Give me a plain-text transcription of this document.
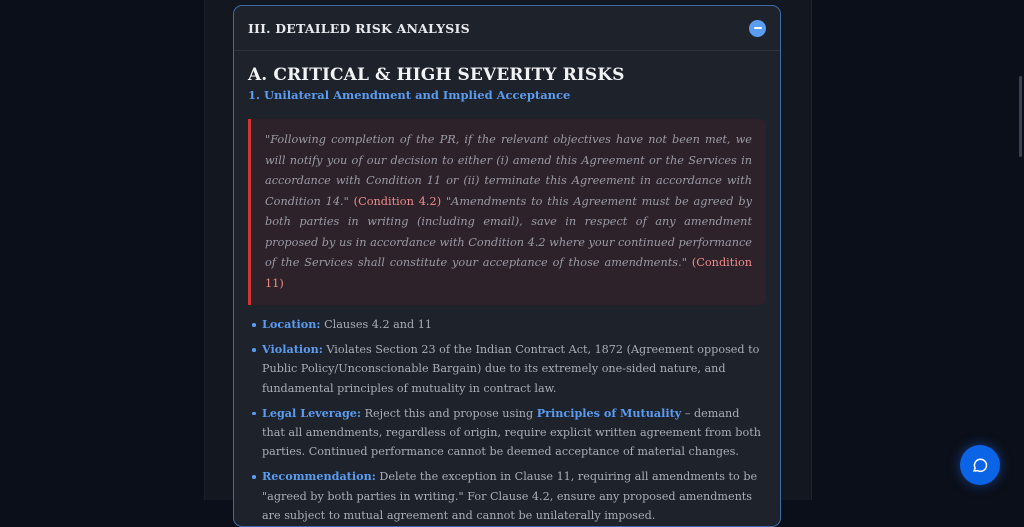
III. DETAILED RISK ANALYSIS
A. CRITICAL & HIGH SEVERITY RISKS
1. Unilateral Amendment and Implied Acceptance
"Following completion of the PR, if the relevant objectives have not been met, we will notify you of our decision to either (i) amend this Agreement or the Services in accordance with Condition 11 or (ii) terminate this Agreement in accordance with Condition 14." (Condition 4.2) "Amendments to this Agreement must be agreed by both parties in writing (including email), save in respect of any amendment proposed by us in accordance with Condition 4.2 where your continued performance of the Services shall constitute your acceptance of those amendments." (Condition 11)
Location: Clauses 4.2 and 11
Violation: Violates Section 23 of the Indian Contract Act, 1872 (Agreement opposed to Public Policy/Unconscionable Bargain) due to its extremely one-sided nature, and fundamental principles of mutuality in contract law.
Legal Leverage: Reject this and propose using Principles of Mutuality – demand that all amendments, regardless of origin, require explicit written agreement from both parties. Continued performance cannot be deemed acceptance of material changes.
Recommendation: Delete the exception in Clause 11, requiring all amendments to be "agreed by both parties in writing." For Clause 4.2, ensure any proposed amendments are subject to mutual agreement and cannot be unilaterally imposed.
